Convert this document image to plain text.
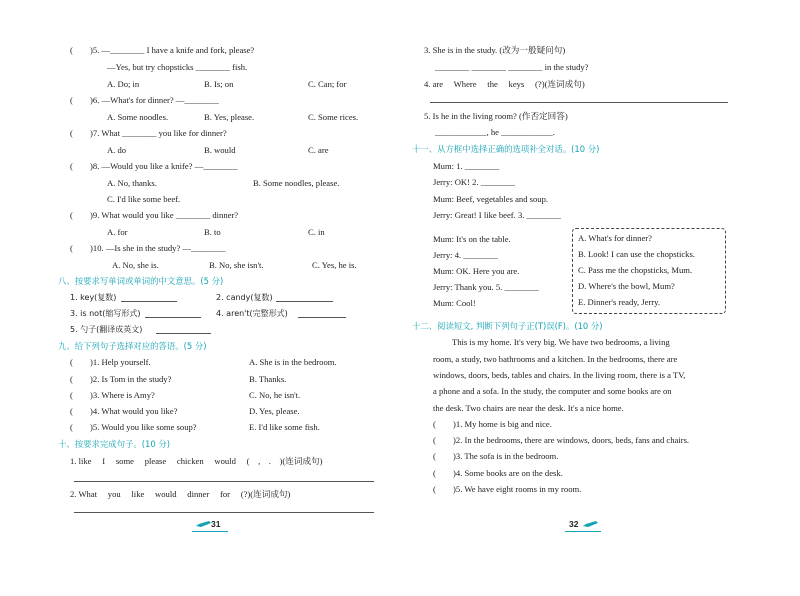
(　　)5. —________ I have a knife and fork, please?
—Yes, but try chopsticks ________ fish.
A. Do; in	B. Is; on	C. Can; for
(　　)6. —What's for dinner? —________
A. Some noodles.	B. Yes, please.	C. Some rices.
(　　)7. What ________ you like for dinner?
A. do	B. would	C. are
(　　)8. —Would you like a knife? —________
A. No, thanks.	B. Some noodles, please.
C. I'd like some beef.
(　　)9. What would you like ________ dinner?
A. for	B. to	C. in
(　　)10. —Is she in the study? —________
A. No, she is.	B. No, she isn't.	C. Yes, he is.
八、按要求写单词或单词的中文意思。(5 分)
1. key(复数)	2. candy(复数)
3. is not(缩写形式)	4. aren't(完整形式)
5. 勺子(翻译成英文)
九、给下列句子选择对应的答语。(5 分)
(　　)1. Help yourself.	A. She is in the bedroom.
(　　)2. Is Tom in the study?	B. Thanks.
(　　)3. Where is Amy?	C. No, he isn't.
(　　)4. What would you like?	D. Yes, please.
(　　)5. Would you like some soup?	E. I'd like some fish.
十、按要求完成句子。(10 分)
1. like　 I　 some　 please　 chicken　 would　 (　,　.　)(连词成句)
2. What　 you　 like　 would　 dinner　 for　 (?)(连词成句)
31
3. She is in the study. (改为一般疑问句)
________ ________ ________ in the study?
4. are　 Where　 the　 keys　 (?)(连词成句)
5. Is he in the living room? (作否定回答)
____________, he ____________.
十一、从方框中选择正确的选项补全对话。(10 分)
Mum: 1. ________
Jerry: OK! 2. ________
Mum: Beef, vegetables and soup.
Jerry: Great! I like beef. 3. ________
Mum: It's on the table.
Jerry: 4. ________
Mum: OK. Here you are.
Jerry: Thank you. 5. ________
Mum: Cool!
A. What's for dinner?
B. Look! I can use the chopsticks.
C. Pass me the chopsticks, Mum.
D. Where's the bowl, Mum?
E. Dinner's ready, Jerry.
十二、阅读短文, 判断下列句子正(T)误(F)。(10 分)
This is my home. It's very big. We have two bedrooms, a living
room, a study, two bathrooms and a kitchen. In the bedrooms, there are
windows, doors, beds, tables and chairs. In the living room, there is a TV,
a phone and a sofa. In the study, the computer and some books are on
the desk. Two chairs are near the desk. It's a nice home.
(　　)1. My home is big and nice.
(　　)2. In the bedrooms, there are windows, doors, beds, fans and chairs.
(　　)3. The sofa is in the bedroom.
(　　)4. Some books are on the desk.
(　　)5. We have eight rooms in my room.
32
